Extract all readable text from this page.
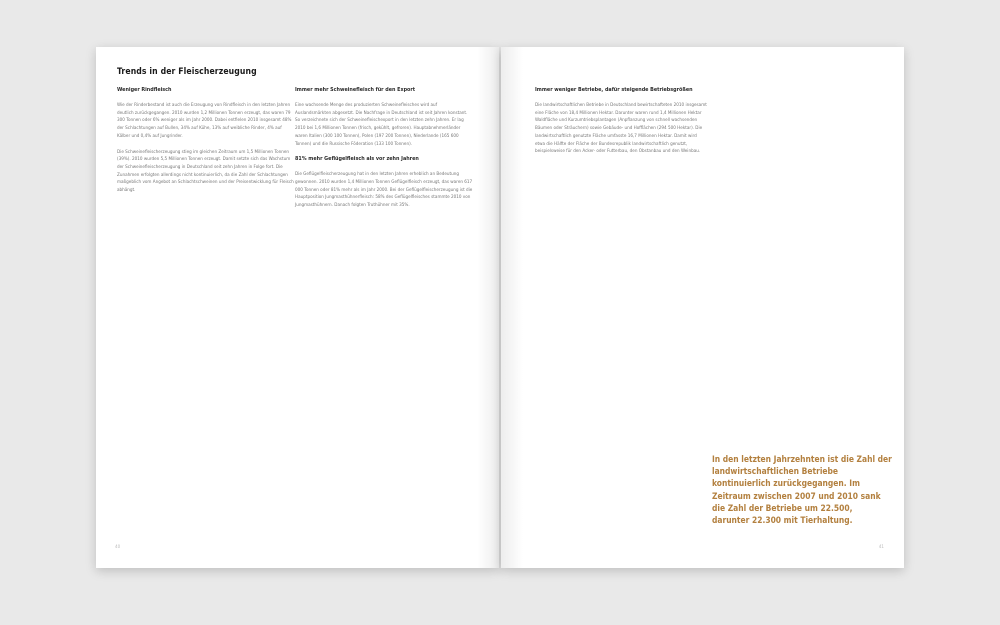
Trends in der Fleischerzeugung
Weniger Rindfleisch
Wie der Rinderbestand ist auch die Erzeugung von Rindfleisch in den letzten Jahren deutlich zurückgegangen. 2010 wurden 1,2 Millionen Tonnen erzeugt, das waren 79 300 Tonnen oder 6% weniger als im Jahr 2000. Dabei entfielen 2010 insgesamt 48% der Schlachtungen auf Bullen, 34% auf Kühe, 13% auf weibliche Rinder, 4% auf Kälber und 0,4% auf Jungrinder.
Die Schweinefleischerzeugung stieg im gleichen Zeitraum um 1,5 Millionen Tonnen (39%). 2010 wurden 5,5 Millionen Tonnen erzeugt. Damit setzte sich das Wachstum der Schweinefleischerzeugung in Deutschland seit zehn Jahren in Folge fort. Die Zunahmen erfolgten allerdings nicht kontinuierlich, da die Zahl der Schlachtungen maßgeblich vom Angebot an Schlachtschweinen und der Preisentwicklung für Fleisch abhängt.
Immer mehr Schweinefleisch für den Export
Eine wachsende Menge des produzierten Schweinefleisches wird auf Auslandsmärkten abgesetzt. Die Nachfrage in Deutschland ist seit Jahren konstant. So verzeichnete sich der Schweinefleischexport in den letzten zehn Jahren. Er lag 2010 bei 1,6 Millionen Tonnen (frisch, gekühlt, gefroren). Hauptabnehmerländer waren Italien (300 100 Tonnen), Polen (197 200 Tonnen), Niederlande (165 600 Tonnen) und die Russische Föderation (133 100 Tonnen).
81% mehr Geflügelfleisch als vor zehn Jahren
Die Geflügelfleischerzeugung hat in den letzten Jahren erheblich an Bedeutung gewonnen. 2010 wurden 1,4 Millionen Tonnen Geflügelfleisch erzeugt, das waren 617 000 Tonnen oder 81% mehr als im Jahr 2000. Bei der Geflügelfleischerzeugung ist die Hauptposition Jungmasthühnerfleisch: 58% des Geflügelfleisches stammte 2010 von Jungmasthühnern. Danach folgten Truthühner mit 35%.
40
Immer weniger Betriebe, dafür steigende Betriebsgrößen
Die landwirtschaftlichen Betriebe in Deutschland bewirtschafteten 2010 insgesamt eine Fläche von 18,4 Millionen Hektar. Darunter waren rund 1,4 Millionen Hektar Waldfläche und Kurzumtriebsplantagen (Anpflanzung von schnell wachsenden Bäumen oder Sträuchern) sowie Gebäude- und Hofflächen (294 500 Hektar). Die landwirtschaftlich genutzte Fläche umfasste 16,7 Millionen Hektar. Damit wird etwa die Hälfte der Fläche der Bundesrepublik landwirtschaftlich genutzt, beispielsweise für den Acker- oder Futterbau, den Obstanbau und den Weinbau.

In den letzten Jahrzehnten ist die Zahl der landwirtschaftlichen Betriebe kontinuierlich zurückgegangen. Im Zeitraum zwischen 2007 und 2010 sank die Zahl der Betriebe um 22.500, darunter 22.300 mit Tierhaltung.

41
